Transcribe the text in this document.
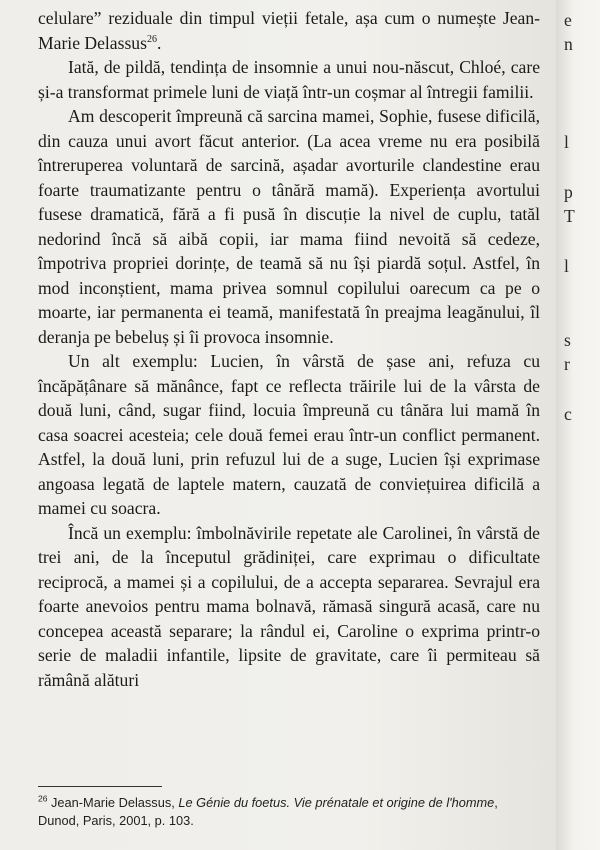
celulare” reziduale din timpul vieții fetale, așa cum o numește Jean-Marie Delassus$^{26}$.

Iată, de pildă, tendința de insomnie a unui nou-născut, Chloé, care și-a transformat primele luni de viață într-un coșmar al întregii familii.

Am descoperit împreună că sarcina mamei, Sophie, fusese dificilă, din cauza unui avort făcut anterior. (La acea vreme nu era posibilă întreruperea voluntară de sarcină, așadar avorturile clandestine erau foarte traumatizante pentru o tânără mamă). Experiența avortului fusese dramatică, fără a fi pusă în discuție la nivel de cuplu, tatăl nedorind încă să aibă copii, iar mama fiind nevoită să cedeze, împotriva propriei dorințe, de teamă să nu își piardă soțul. Astfel, în mod inconștient, mama privea somnul copilului oarecum ca pe o moarte, iar permanenta ei teamă, manifestată în preajma leagănului, îl deranja pe bebeluș și îi provoca insomnie.

Un alt exemplu: Lucien, în vârstă de șase ani, refuza cu încăpățânare să mănânce, fapt ce reflecta trăirile lui de la vârsta de două luni, când, sugar fiind, locuia împreună cu tânăra lui mamă în casa soacrei acesteia; cele două femei erau într-un conflict permanent. Astfel, la două luni, prin refuzul lui de a suge, Lucien își exprimase angoasa legată de laptele matern, cauzată de conviețuirea dificilă a mamei cu soacra.

Încă un exemplu: îmbolnăvirile repetate ale Carolinei, în vârstă de trei ani, de la începutul grădiniței, care exprimau o dificultate reciprocă, a mamei și a copilului, de a accepta separarea. Sevrajul era foarte anevoios pentru mama bolnavă, rămasă singură acasă, care nu concepea această separare; la rândul ei, Caroline o exprima printr-o serie de maladii infantile, lipsite de gravitate, care îi permiteau să rămână alături

$^{26}$ Jean-Marie Delassus, Le Génie du foetus. Vie prénatale et origine de l'homme, Dunod, Paris, 2001, p. 103.
e
n
l
p
T
l
s
r
c
